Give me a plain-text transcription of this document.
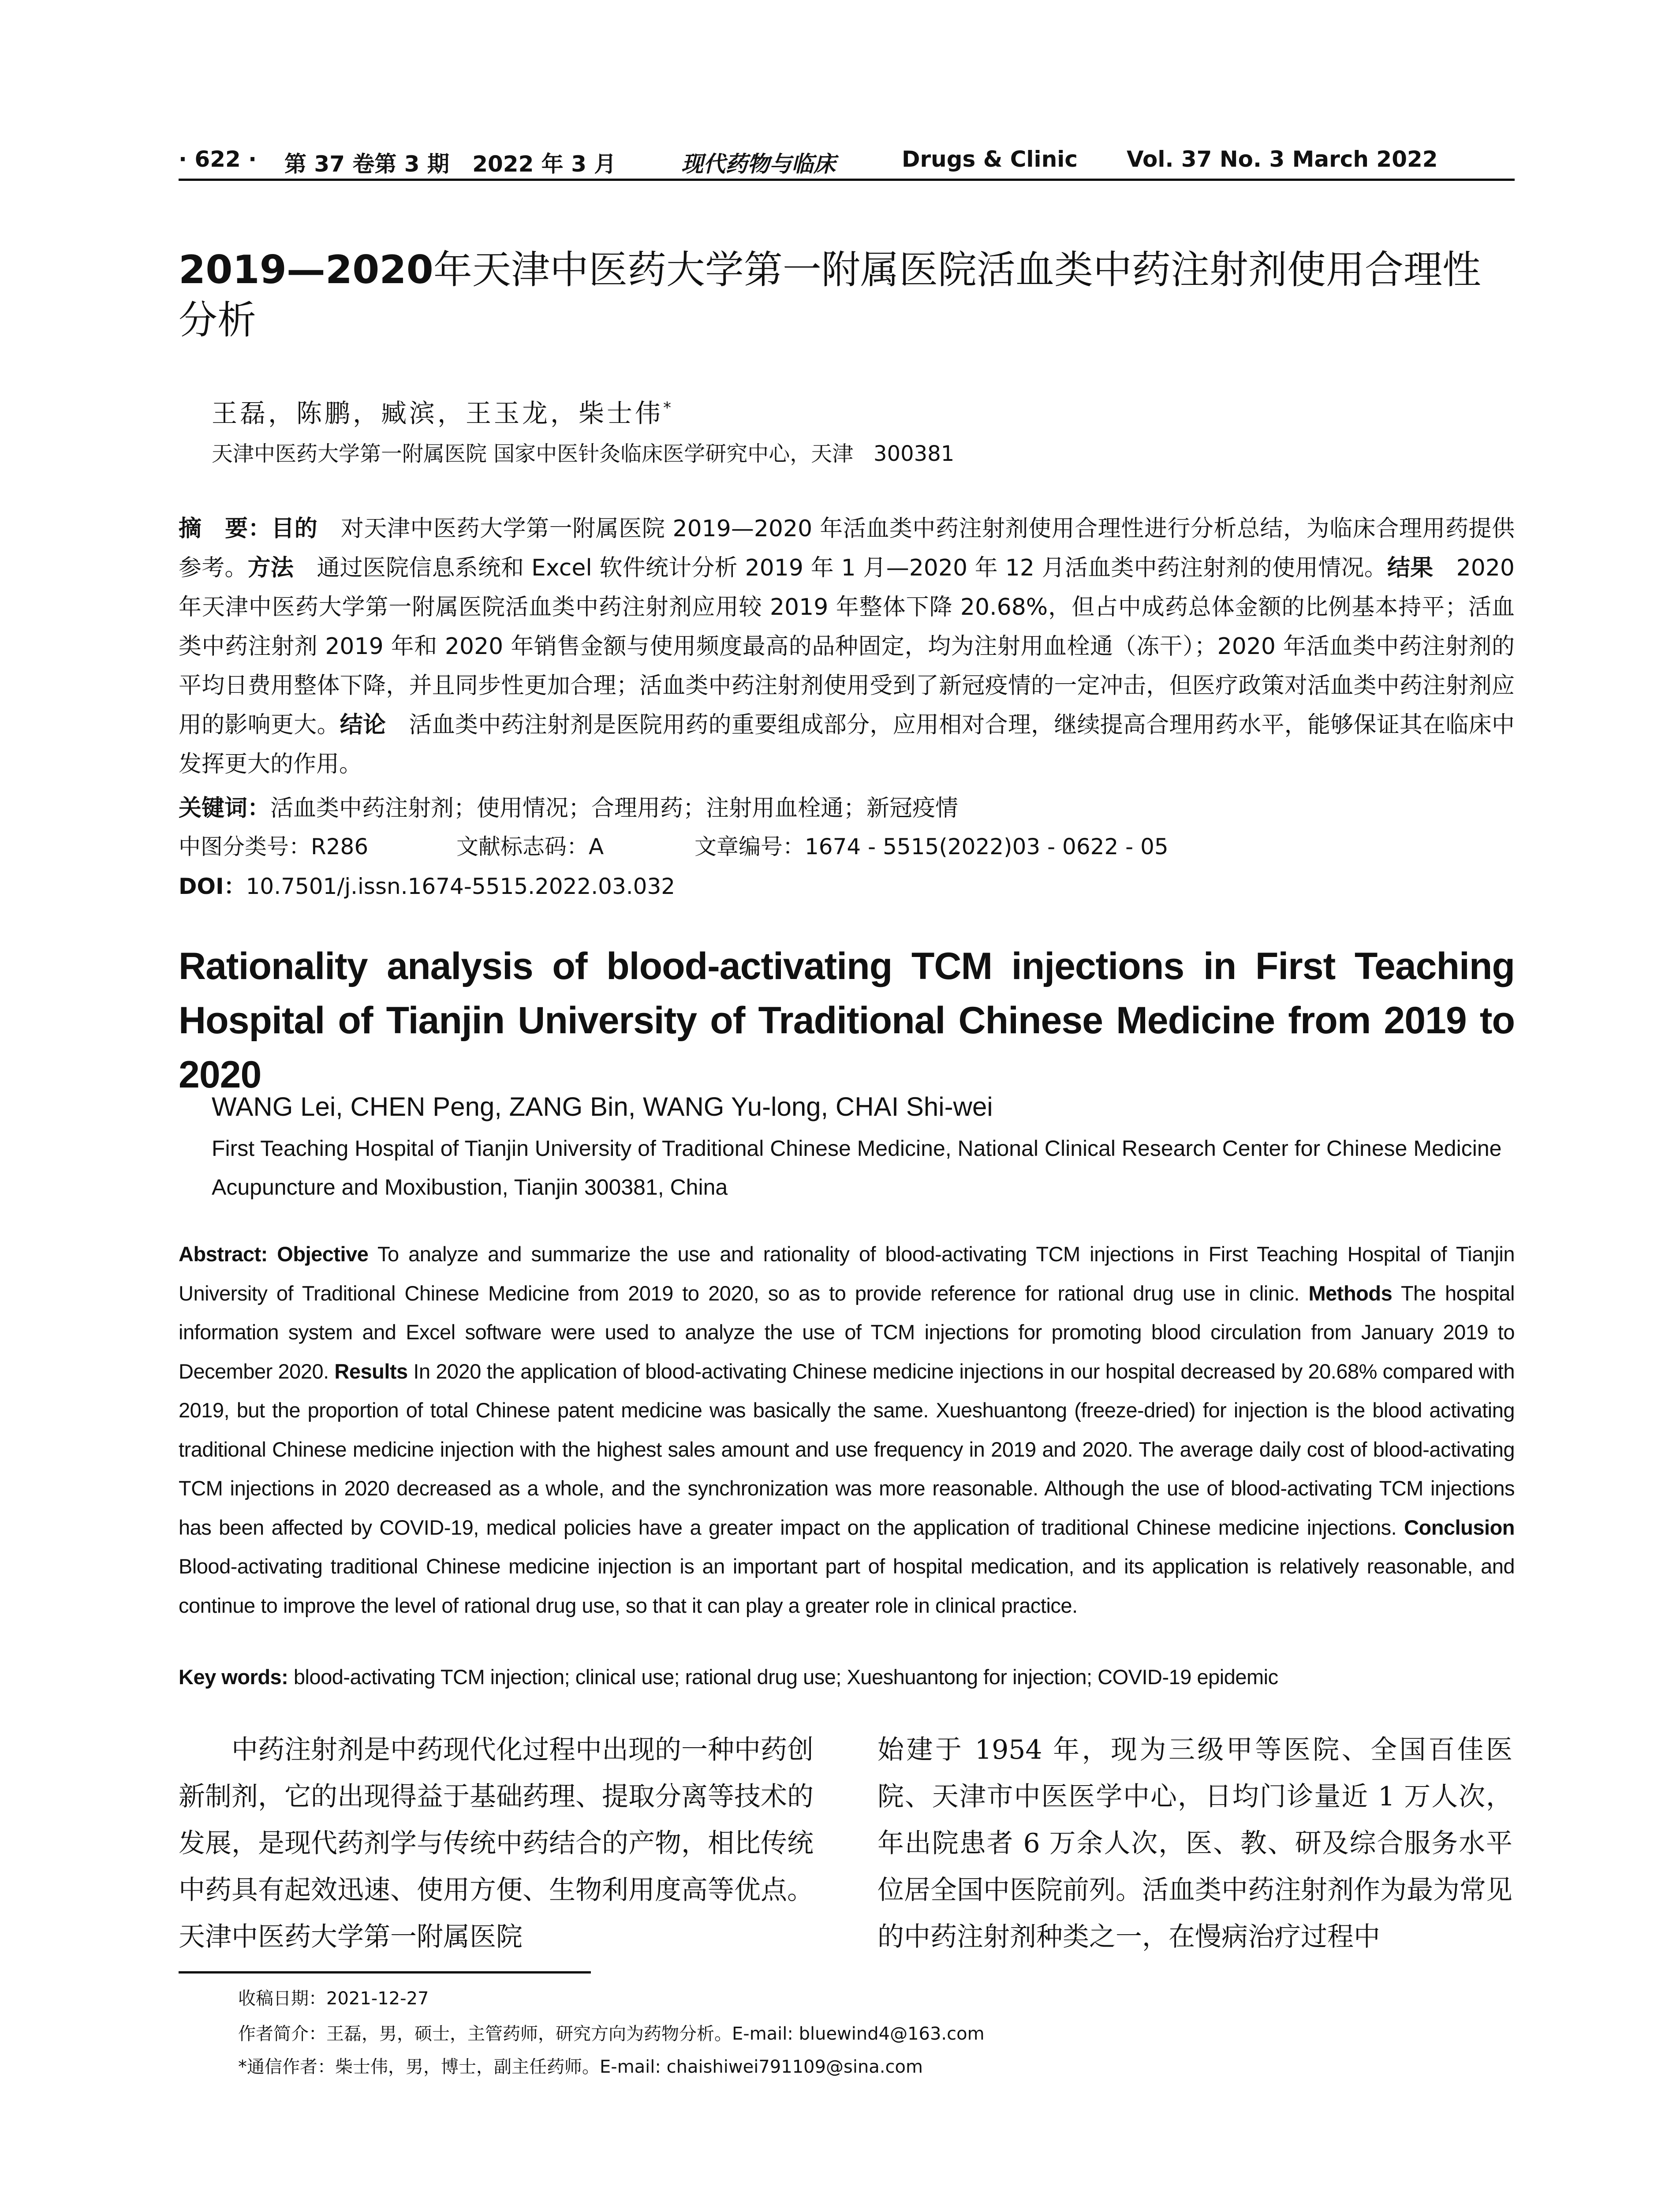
· 622 · 第 37 卷第 3 期   2022 年 3 月	现代药物与临床	Drugs & Clinic Vol. 37 No. 3 March 2022
2019—2020年天津中医药大学第一附属医院活血类中药注射剂使用合理性分析
王磊，陈鹏，臧滨，王玉龙，柴士伟*
天津中医药大学第一附属医院 国家中医针灸临床医学研究中心，天津   300381

摘　要：目的　对天津中医药大学第一附属医院 2019—2020 年活血类中药注射剂使用合理性进行分析总结，为临床合理用药提供参考。方法　通过医院信息系统和 Excel 软件统计分析 2019 年 1 月—2020 年 12 月活血类中药注射剂的使用情况。结果　2020 年天津中医药大学第一附属医院活血类中药注射剂应用较 2019 年整体下降 20.68%，但占中成药总体金额的比例基本持平；活血类中药注射剂 2019 年和 2020 年销售金额与使用频度最高的品种固定，均为注射用血栓通（冻干）；2020 年活血类中药注射剂的平均日费用整体下降，并且同步性更加合理；活血类中药注射剂使用受到了新冠疫情的一定冲击，但医疗政策对活血类中药注射剂应用的影响更大。结论　活血类中药注射剂是医院用药的重要组成部分，应用相对合理，继续提高合理用药水平，能够保证其在临床中发挥更大的作用。

关键词：活血类中药注射剂；使用情况；合理用药；注射用血栓通；新冠疫情
中图分类号：R286	文献标志码：A	文章编号：1674 - 5515(2022)03 - 0622 - 05
DOI：10.7501/j.issn.1674-5515.2022.03.032
Rationality analysis of blood-activating TCM injections in First Teaching Hospital of Tianjin University of Traditional Chinese Medicine from 2019 to 2020
WANG Lei, CHEN Peng, ZANG Bin, WANG Yu-long, CHAI Shi-wei

First Teaching Hospital of Tianjin University of Traditional Chinese Medicine, National Clinical Research Center for Chinese Medicine Acupuncture and Moxibustion, Tianjin 300381, China

Abstract: Objective To analyze and summarize the use and rationality of blood-activating TCM injections in First Teaching Hospital of Tianjin University of Traditional Chinese Medicine from 2019 to 2020, so as to provide reference for rational drug use in clinic. Methods The hospital information system and Excel software were used to analyze the use of TCM injections for promoting blood circulation from January 2019 to December 2020. Results In 2020 the application of blood-activating Chinese medicine injections in our hospital decreased by 20.68% compared with 2019, but the proportion of total Chinese patent medicine was basically the same. Xueshuantong (freeze-dried) for injection is the blood activating traditional Chinese medicine injection with the highest sales amount and use frequency in 2019 and 2020. The average daily cost of blood-activating TCM injections in 2020 decreased as a whole, and the synchronization was more reasonable. Although the use of blood-activating TCM injections has been affected by COVID-19, medical policies have a greater impact on the application of traditional Chinese medicine injections. Conclusion Blood-activating traditional Chinese medicine injection is an important part of hospital medication, and its application is relatively reasonable, and continue to improve the level of rational drug use, so that it can play a greater role in clinical practice.

Key words: blood-activating TCM injection; clinical use; rational drug use; Xueshuantong for injection; COVID-19 epidemic

中药注射剂是中药现代化过程中出现的一种中药创新制剂，它的出现得益于基础药理、提取分离等技术的发展，是现代药剂学与传统中药结合的产物，相比传统中药具有起效迅速、使用方便、生物利用度高等优点。天津中医药大学第一附属医院

始建于 1954 年，现为三级甲等医院、全国百佳医院、天津市中医医学中心，日均门诊量近 1 万人次，年出院患者 6 万余人次，医、教、研及综合服务水平位居全国中医院前列。活血类中药注射剂作为最为常见的中药注射剂种类之一，在慢病治疗过程中

收稿日期：2021-12-27
作者简介：王磊，男，硕士，主管药师，研究方向为药物分析。E-mail: bluewind4@163.com
*通信作者：柴士伟，男，博士，副主任药师。E-mail: chaishiwei791109@sina.com
